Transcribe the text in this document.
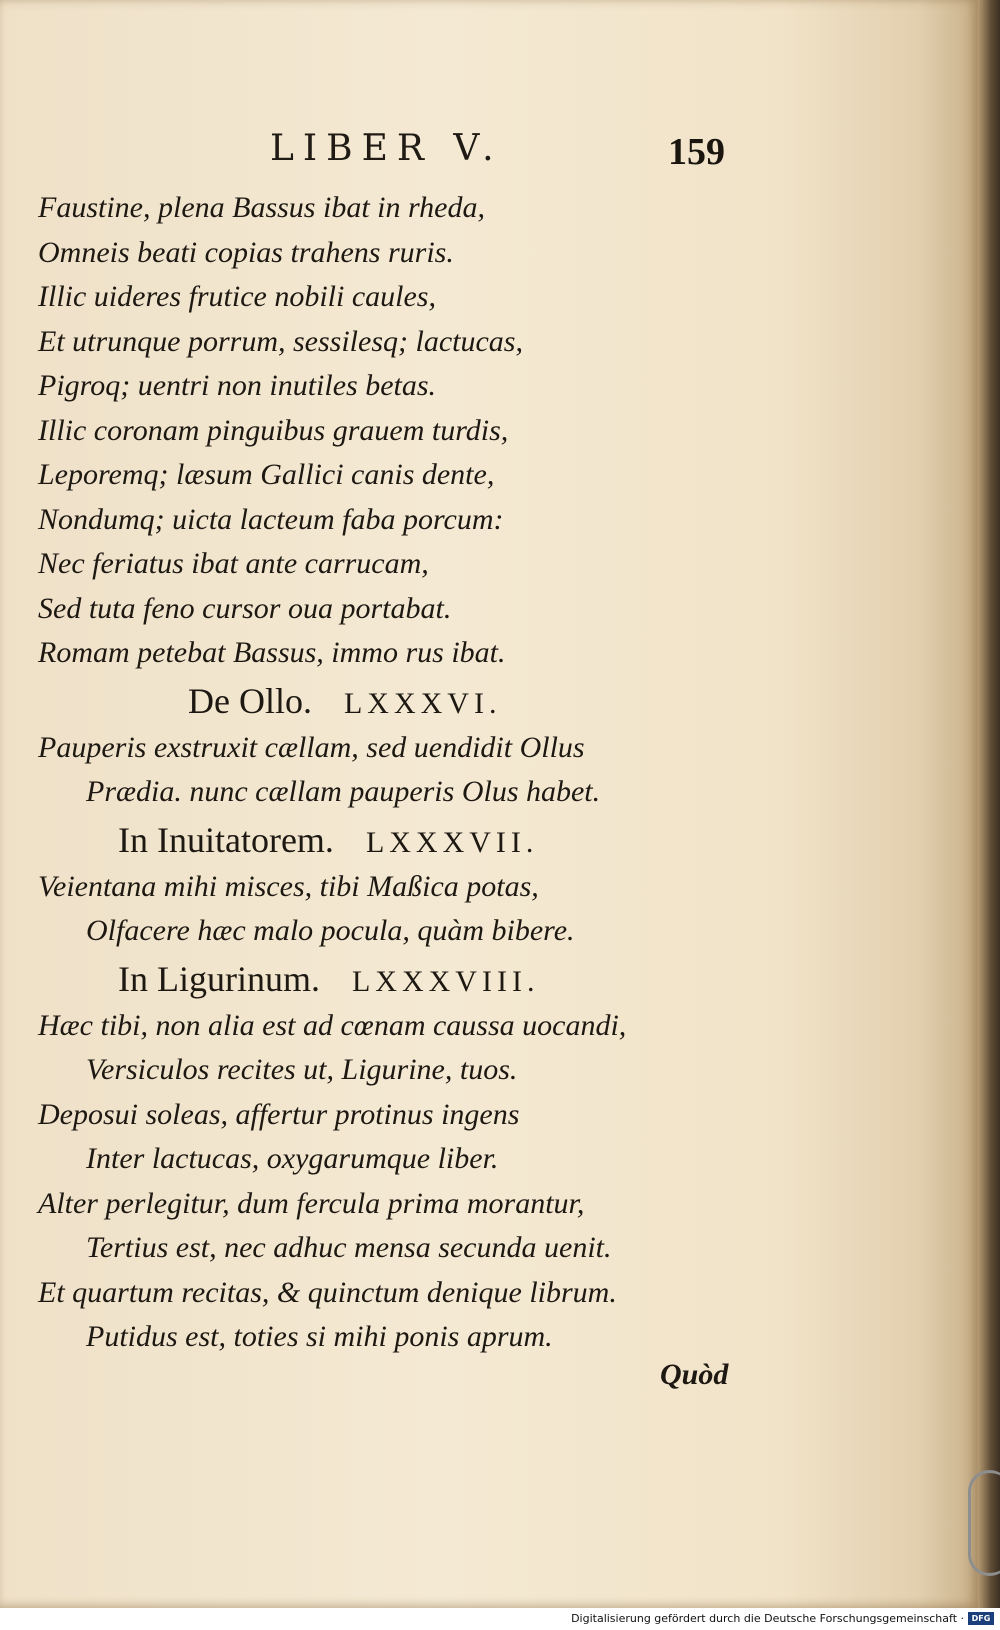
LIBER V.	159
Faustine, plena Bassus ibat in rheda,
Omneis beati copias trahens ruris.
Illic uideres frutice nobili caules,
Et utrunque porrum, sessilesq; lactucas,
Pigroq; uentri non inutiles betas.
Illic coronam pinguibus grauem turdis,
Leporemq; læsum Gallici canis dente,
Nondumq; uicta lacteum faba porcum:
Nec feriatus ibat ante carrucam,
Sed tuta feno cursor oua portabat.
Romam petebat Bassus, immo rus ibat.
De Ollo. LXXXVI.
Pauperis exstruxit cællam, sed uendidit Ollus
Prædia. nunc cællam pauperis Olus habet.
In Inuitatorem. LXXXVII.
Veientana mihi misces, tibi Maßica potas,
Olfacere hæc malo pocula, quàm bibere.
In Ligurinum. LXXXVIII.
Hæc tibi, non alia est ad cœnam caussa uocandi,
Versiculos recites ut, Ligurine, tuos.
Deposui soleas, affertur protinus ingens
Inter lactucas, oxygarumque liber.
Alter perlegitur, dum fercula prima morantur,
Tertius est, nec adhuc mensa secunda uenit.
Et quartum recitas, & quinctum denique librum.
Putidus est, toties si mihi ponis aprum.
Quòd
Digitalisierung gefördert durch die Deutsche Forschungsgemeinschaft · DFG
